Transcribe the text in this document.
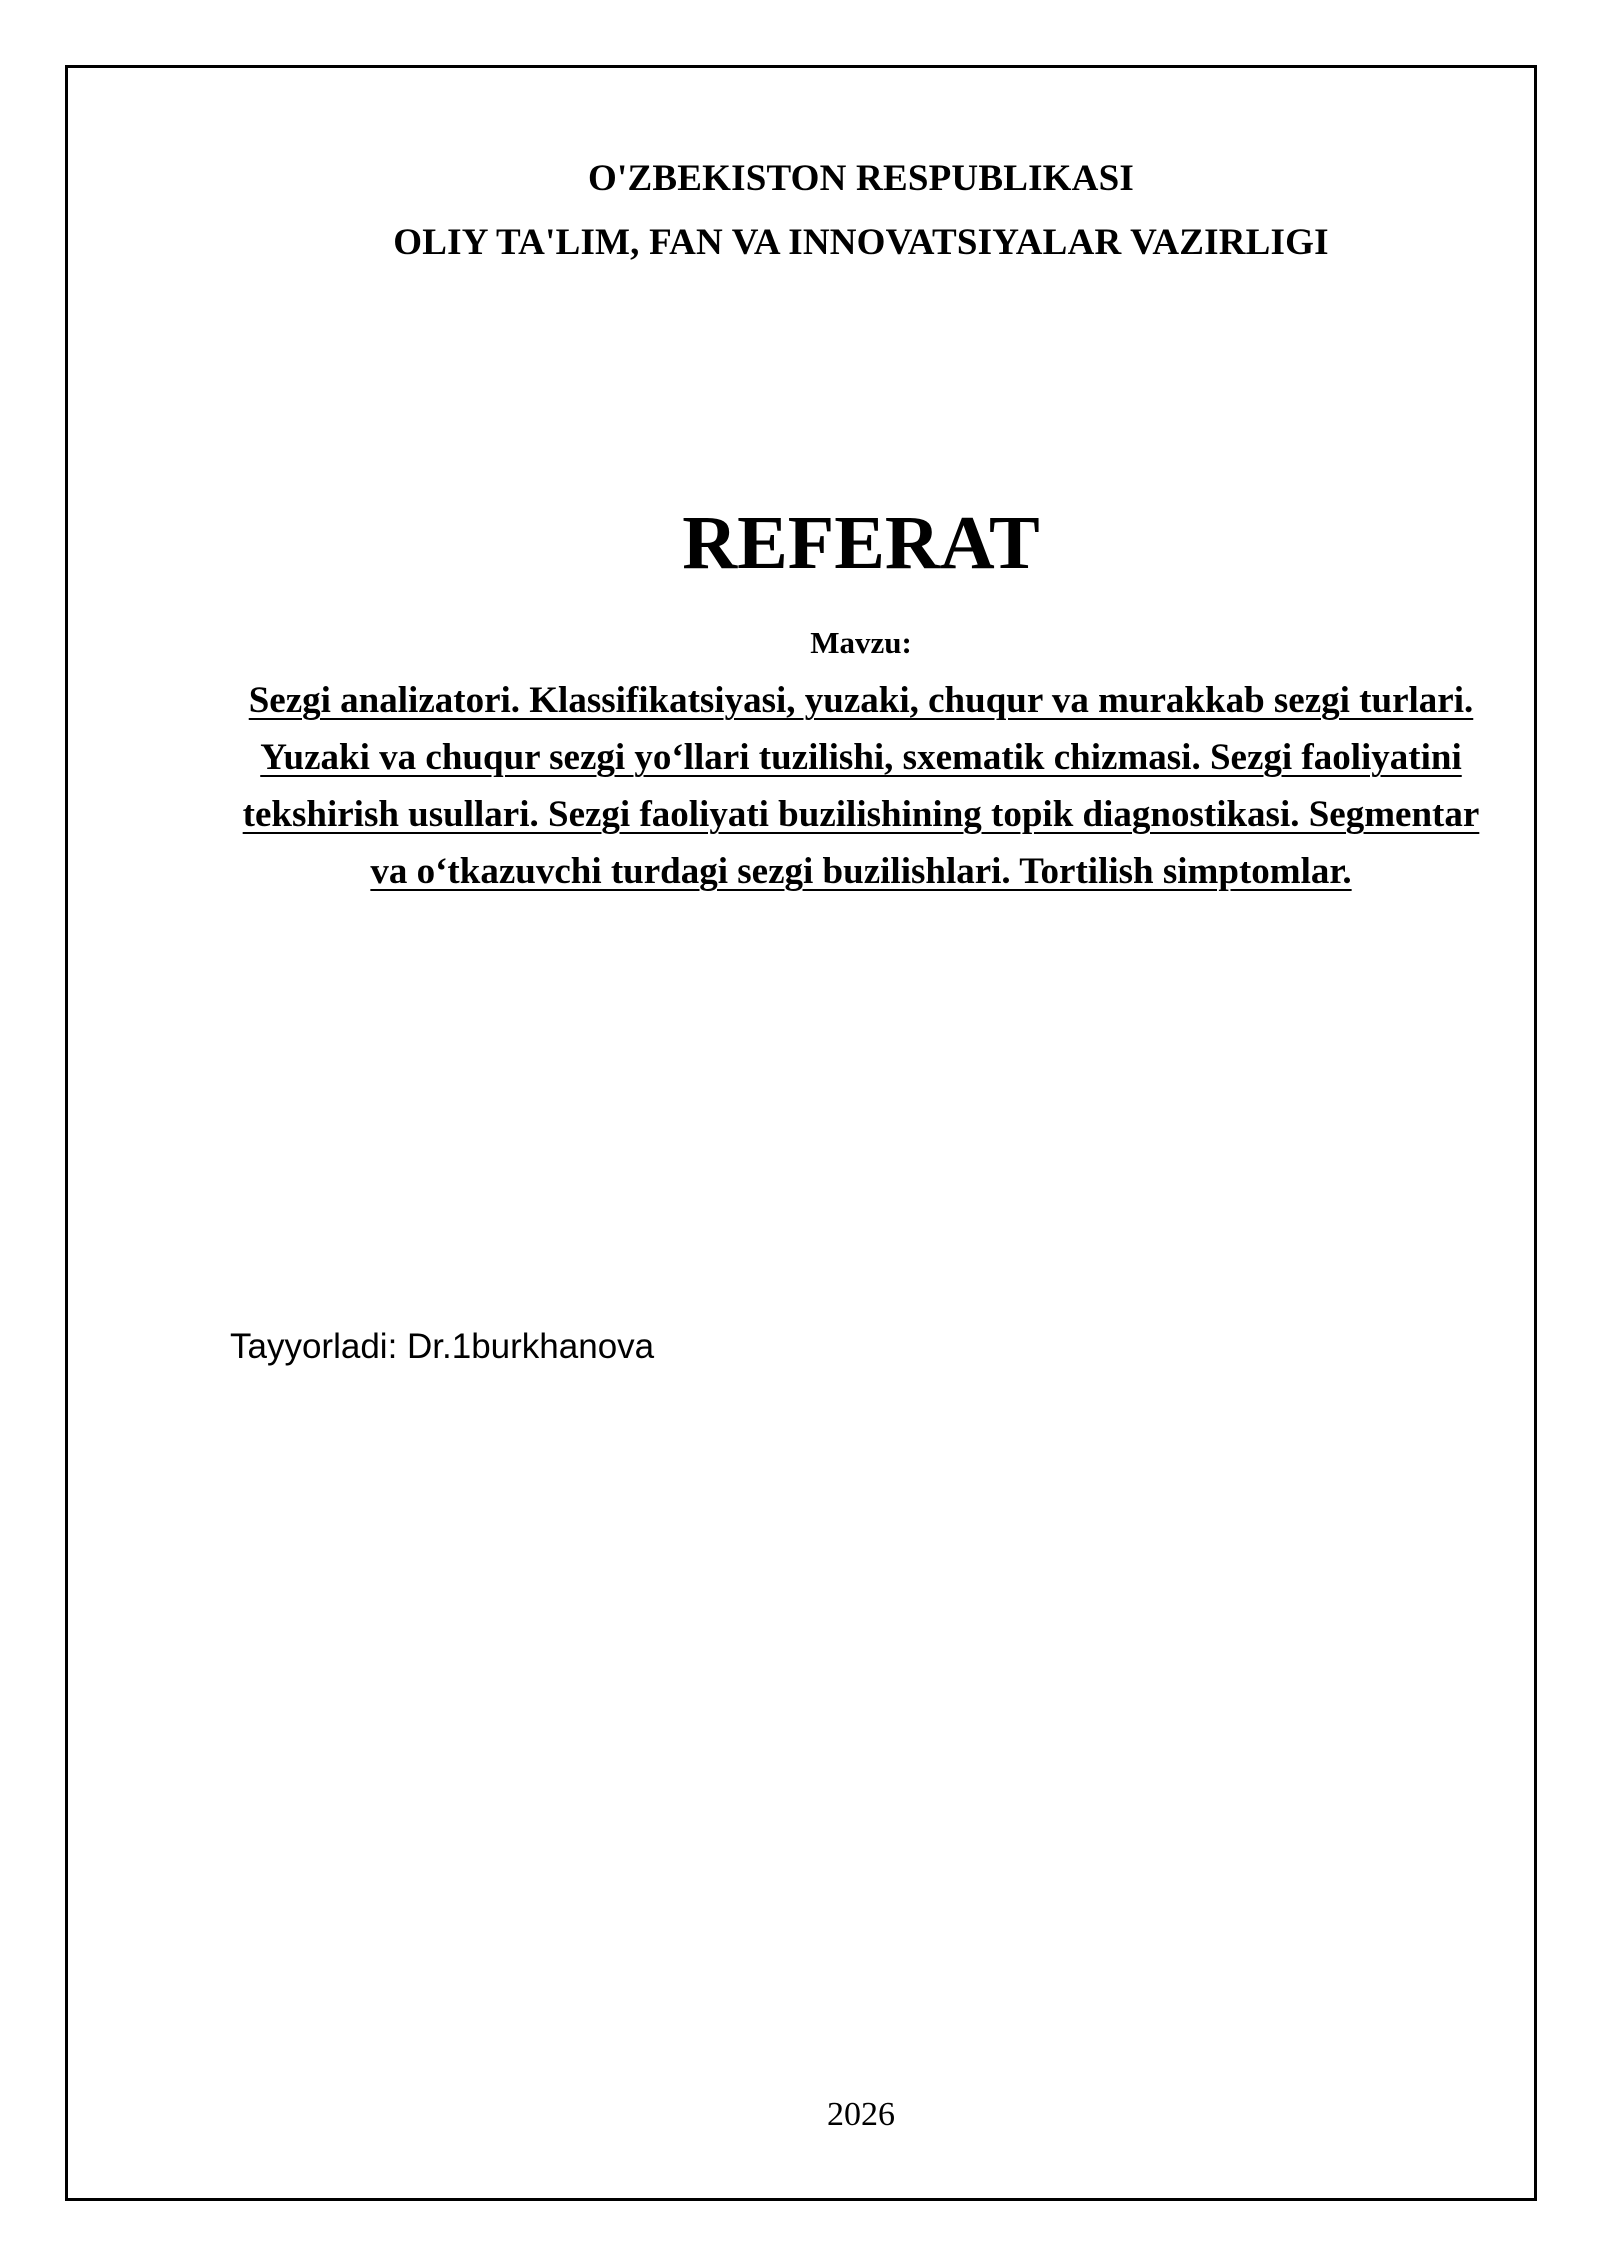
O'ZBEKISTON RESPUBLIKASI
OLIY TA'LIM, FAN VA INNOVATSIYALAR VAZIRLIGI
REFERAT
Mavzu:
Sezgi analizatori. Klassifikatsiyasi, yuzaki, chuqur va murakkab sezgi turlari. Yuzaki va chuqur sezgi yo‘llari tuzilishi, sxematik chizmasi. Sezgi faoliyatini tekshirish usullari. Sezgi faoliyati buzilishining topik diagnostikasi. Segmentar va o‘tkazuvchi turdagi sezgi buzilishlari. Tortilish simptomlar.
Tayyorladi: Dr.1burkhanova
2026
